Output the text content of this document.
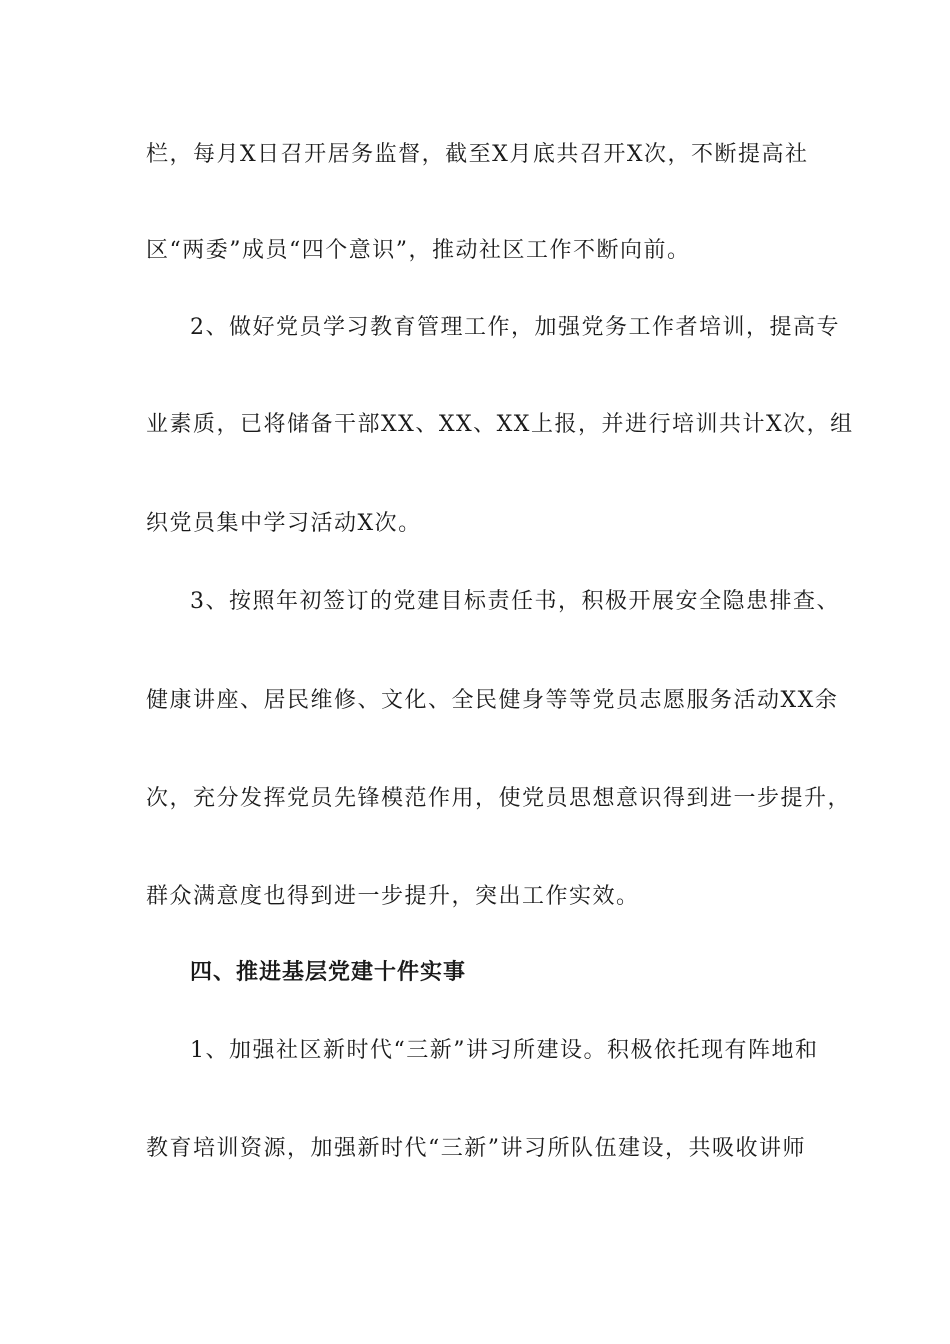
栏，每月X日召开居务监督，截至X月底共召开X次，不断提高社
区“两委”成员“四个意识”，推动社区工作不断向前。
2、做好党员学习教育管理工作，加强党务工作者培训，提高专
业素质，已将储备干部XX、XX、XX上报，并进行培训共计X次，组
织党员集中学习活动X次。
3、按照年初签订的党建目标责任书，积极开展安全隐患排查、
健康讲座、居民维修、文化、全民健身等等党员志愿服务活动XX余
次，充分发挥党员先锋模范作用，使党员思想意识得到进一步提升，
群众满意度也得到进一步提升，突出工作实效。
四、推进基层党建十件实事
1、加强社区新时代“三新”讲习所建设。积极依托现有阵地和
教育培训资源，加强新时代“三新”讲习所队伍建设，共吸收讲师
